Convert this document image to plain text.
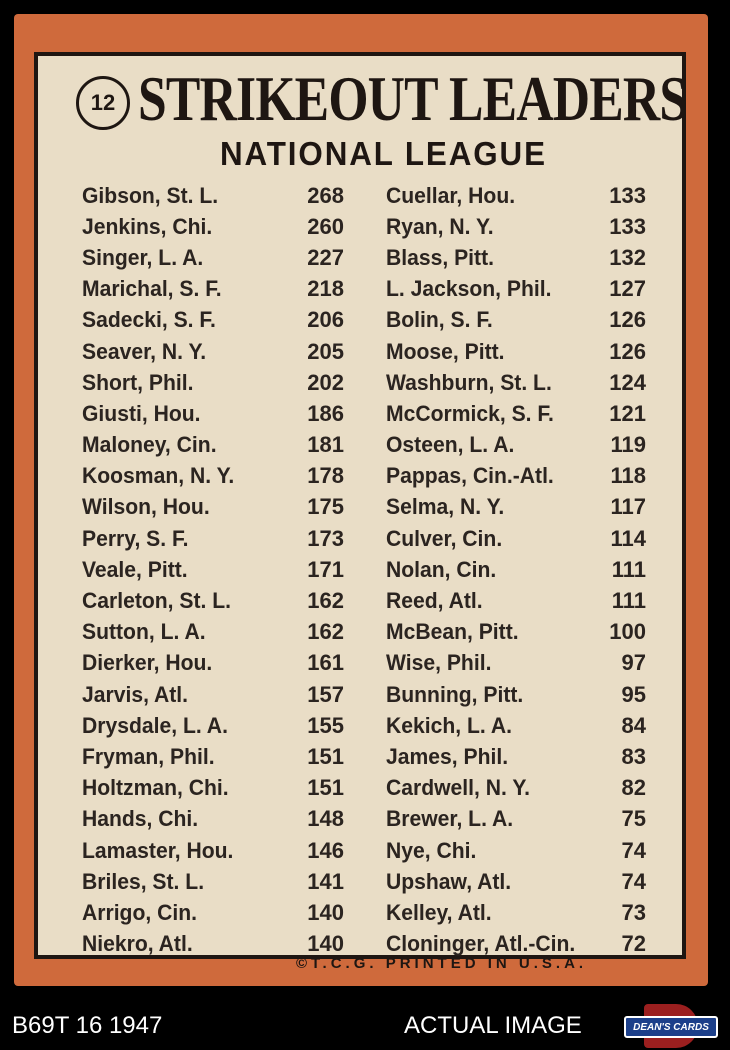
12 STRIKEOUT LEADERS
NATIONAL LEAGUE
Gibson, St. L.	268
Jenkins, Chi.	260
Singer, L. A.	227
Marichal, S. F.	218
Sadecki, S. F.	206
Seaver, N. Y.	205
Short, Phil.	202
Giusti, Hou.	186
Maloney, Cin.	181
Koosman, N. Y.	178
Wilson, Hou.	175
Perry, S. F.	173
Veale, Pitt.	171
Carleton, St. L.	162
Sutton, L. A.	162
Dierker, Hou.	161
Jarvis, Atl.	157
Drysdale, L. A.	155
Fryman, Phil.	151
Holtzman, Chi.	151
Hands, Chi.	148
Lamaster, Hou.	146
Briles, St. L.	141
Arrigo, Cin.	140
Niekro, Atl.	140
Cuellar, Hou.	133
Ryan, N. Y.	133
Blass, Pitt.	132
L. Jackson, Phil.	127
Bolin, S. F.	126
Moose, Pitt.	126
Washburn, St. L.	124
McCormick, S. F.	121
Osteen, L. A.	119
Pappas, Cin.-Atl.	118
Selma, N. Y.	117
Culver, Cin.	114
Nolan, Cin.	111
Reed, Atl.	111
McBean, Pitt.	100
Wise, Phil.	97
Bunning, Pitt.	95
Kekich, L. A.	84
James, Phil.	83
Cardwell, N. Y.	82
Brewer, L. A.	75
Nye, Chi.	74
Upshaw, Atl.	74
Kelley, Atl.	73
Cloninger, Atl.-Cin. 72
©T.C.G. PRINTED IN U.S.A.
B69T 16 1947	ACTUAL IMAGE	DEAN'S CARDS
